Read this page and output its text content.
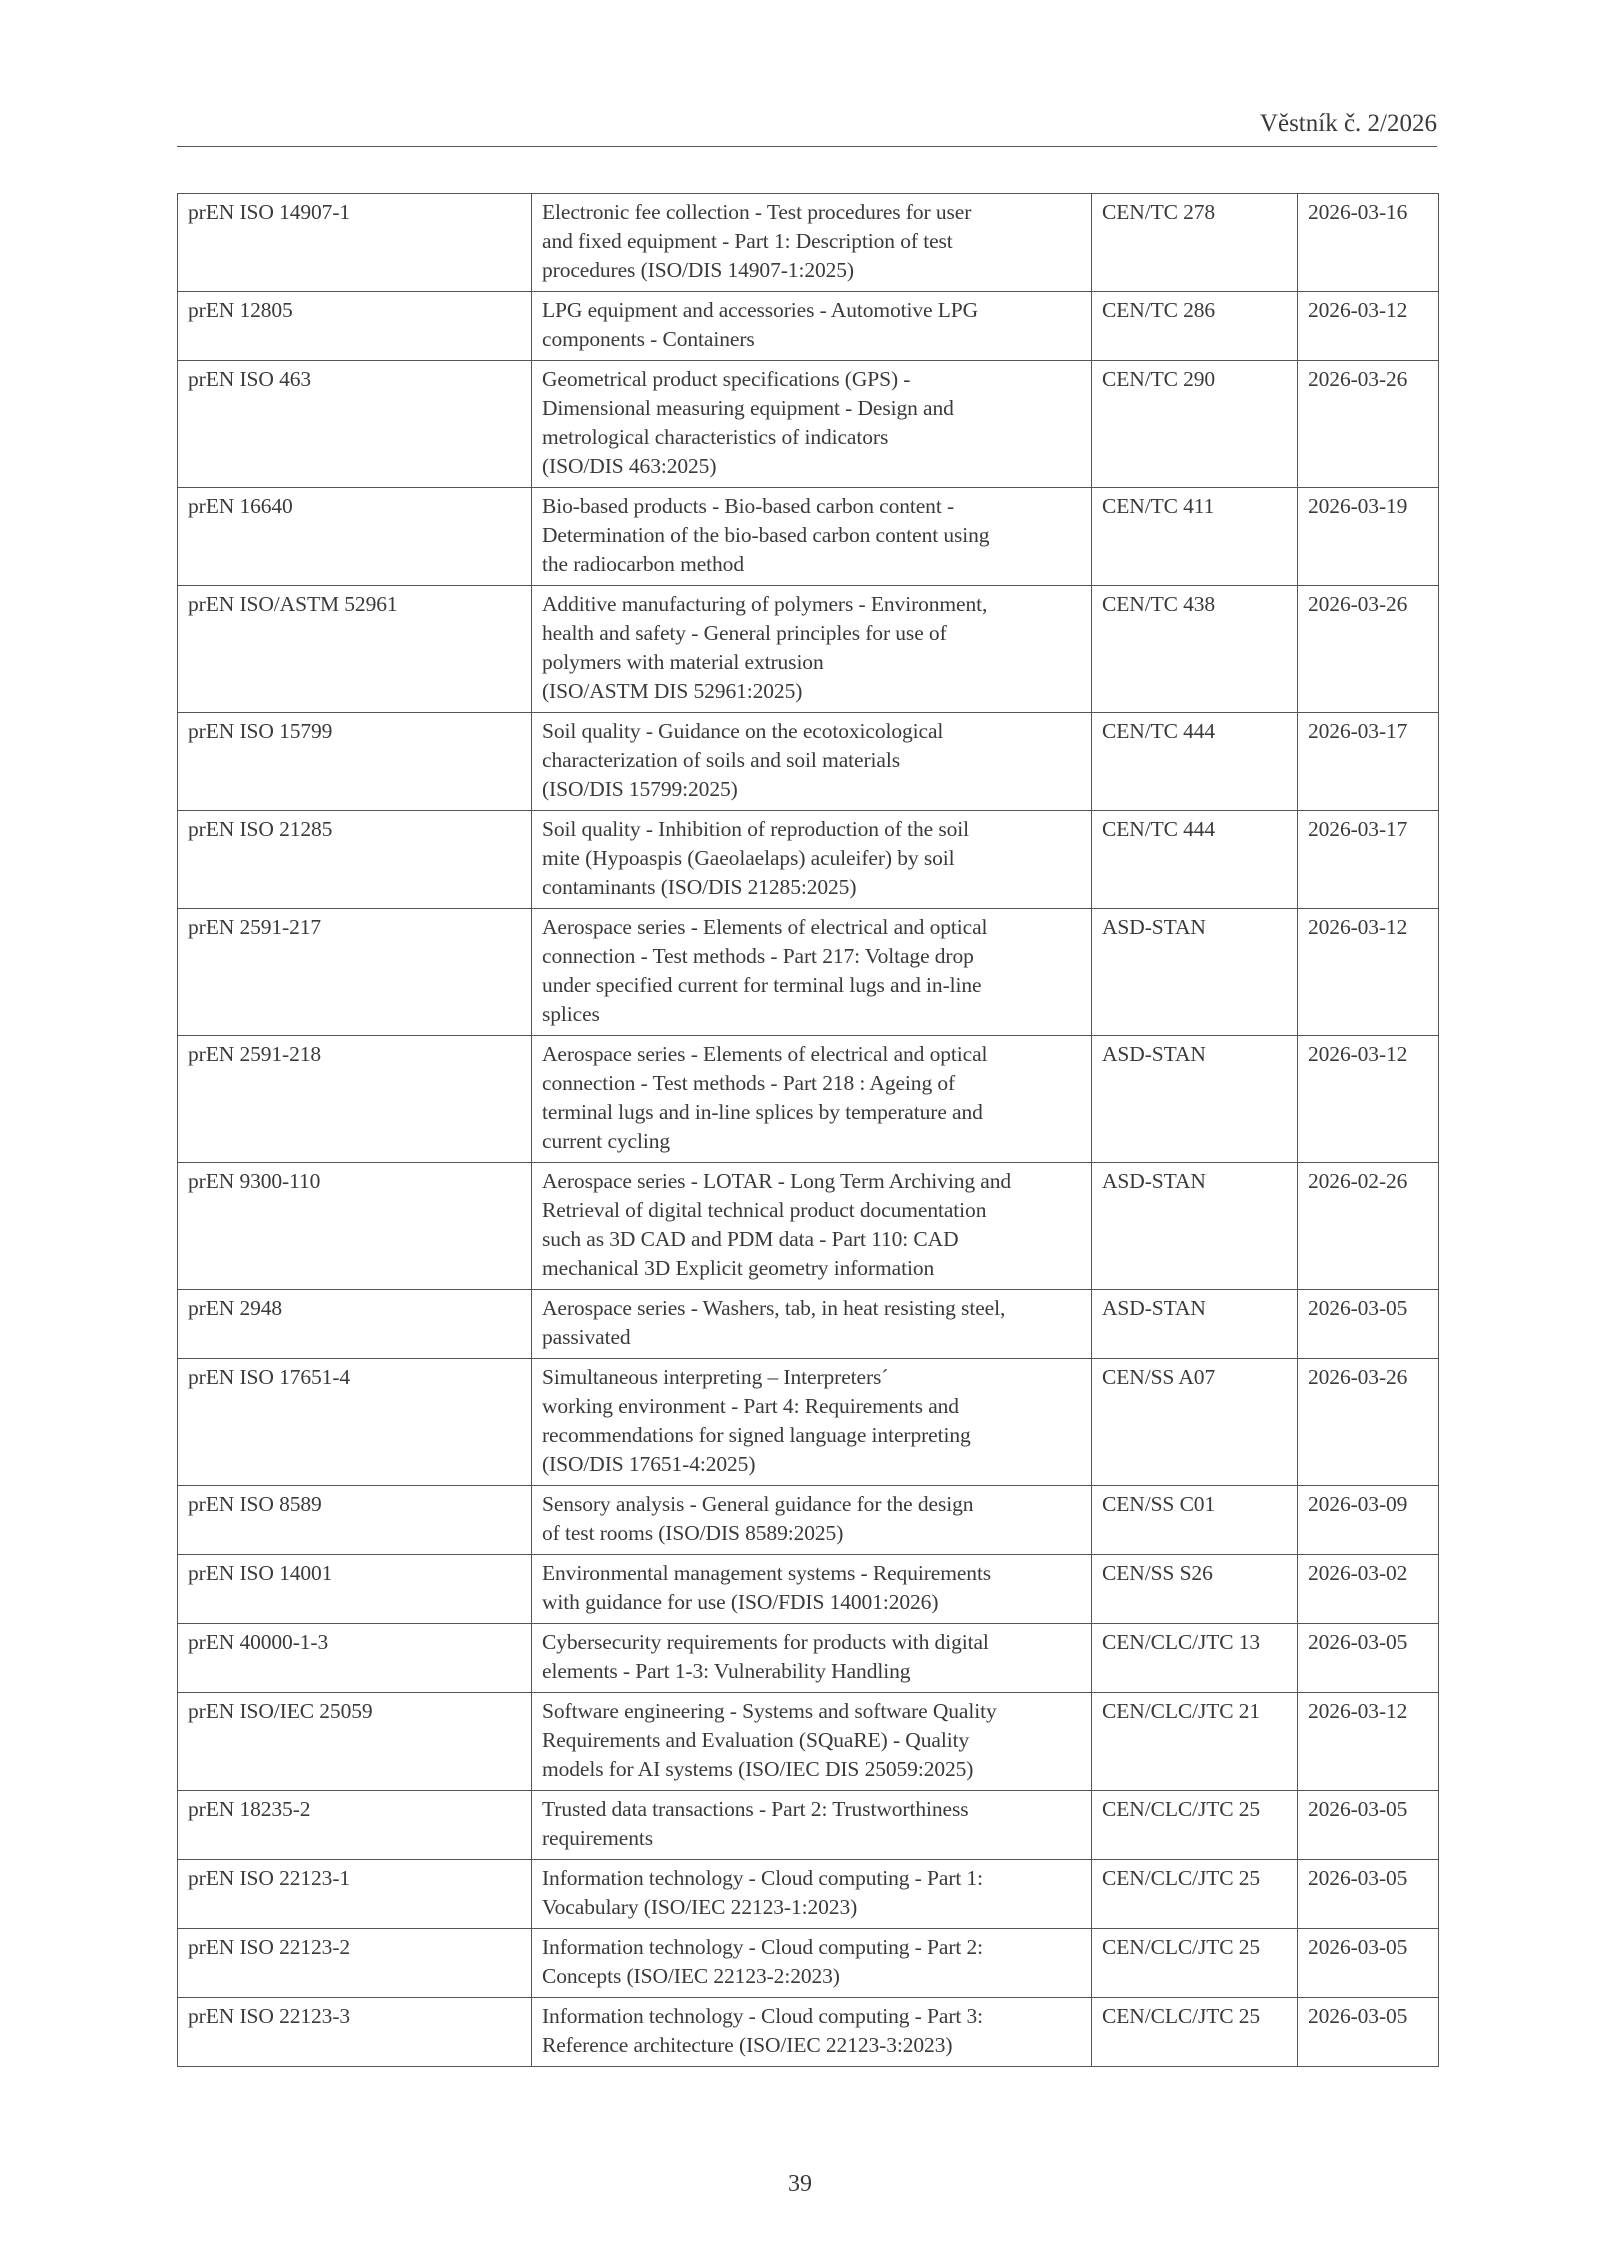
Věstník č. 2/2026
prEN ISO 14907-1	Electronic fee collection - Test procedures for user
and fixed equipment - Part 1: Description of test
procedures (ISO/DIS 14907-1:2025)	CEN/TC 278	2026-03-16
prEN 12805	LPG equipment and accessories - Automotive LPG
components - Containers	CEN/TC 286	2026-03-12
prEN ISO 463	Geometrical product specifications (GPS) -
Dimensional measuring equipment - Design and
metrological characteristics of indicators
(ISO/DIS 463:2025)	CEN/TC 290	2026-03-26
prEN 16640	Bio-based products - Bio-based carbon content -
Determination of the bio-based carbon content using
the radiocarbon method	CEN/TC 411	2026-03-19
prEN ISO/ASTM 52961	Additive manufacturing of polymers - Environment,
health and safety - General principles for use of
polymers with material extrusion
(ISO/ASTM DIS 52961:2025)	CEN/TC 438	2026-03-26
prEN ISO 15799	Soil quality - Guidance on the ecotoxicological
characterization of soils and soil materials
(ISO/DIS 15799:2025)	CEN/TC 444	2026-03-17
prEN ISO 21285	Soil quality - Inhibition of reproduction of the soil
mite (Hypoaspis (Gaeolaelaps) aculeifer) by soil
contaminants (ISO/DIS 21285:2025)	CEN/TC 444	2026-03-17
prEN 2591-217	Aerospace series - Elements of electrical and optical
connection - Test methods - Part 217: Voltage drop
under specified current for terminal lugs and in-line
splices	ASD-STAN	2026-03-12
prEN 2591-218	Aerospace series - Elements of electrical and optical
connection - Test methods - Part 218 : Ageing of
terminal lugs and in-line splices by temperature and
current cycling	ASD-STAN	2026-03-12
prEN 9300-110	Aerospace series - LOTAR - Long Term Archiving and
Retrieval of digital technical product documentation
such as 3D CAD and PDM data - Part 110: CAD
mechanical 3D Explicit geometry information	ASD-STAN	2026-02-26
prEN 2948	Aerospace series - Washers, tab, in heat resisting steel,
passivated	ASD-STAN	2026-03-05
prEN ISO 17651-4	Simultaneous interpreting – Interpreters´
working environment - Part 4: Requirements and
recommendations for signed language interpreting
(ISO/DIS 17651-4:2025)	CEN/SS A07	2026-03-26
prEN ISO 8589	Sensory analysis - General guidance for the design
of test rooms (ISO/DIS 8589:2025)	CEN/SS C01	2026-03-09
prEN ISO 14001	Environmental management systems - Requirements
with guidance for use (ISO/FDIS 14001:2026)	CEN/SS S26	2026-03-02
prEN 40000-1-3	Cybersecurity requirements for products with digital
elements - Part 1-3: Vulnerability Handling	CEN/CLC/JTC 13	2026-03-05
prEN ISO/IEC 25059	Software engineering - Systems and software Quality
Requirements and Evaluation (SQuaRE) - Quality
models for AI systems (ISO/IEC DIS 25059:2025)	CEN/CLC/JTC 21	2026-03-12
prEN 18235-2	Trusted data transactions - Part 2: Trustworthiness
requirements	CEN/CLC/JTC 25	2026-03-05
prEN ISO 22123-1	Information technology - Cloud computing - Part 1:
Vocabulary (ISO/IEC 22123-1:2023)	CEN/CLC/JTC 25	2026-03-05
prEN ISO 22123-2	Information technology - Cloud computing - Part 2:
Concepts (ISO/IEC 22123-2:2023)	CEN/CLC/JTC 25	2026-03-05
prEN ISO 22123-3	Information technology - Cloud computing - Part 3:
Reference architecture (ISO/IEC 22123-3:2023)	CEN/CLC/JTC 25	2026-03-05
39
